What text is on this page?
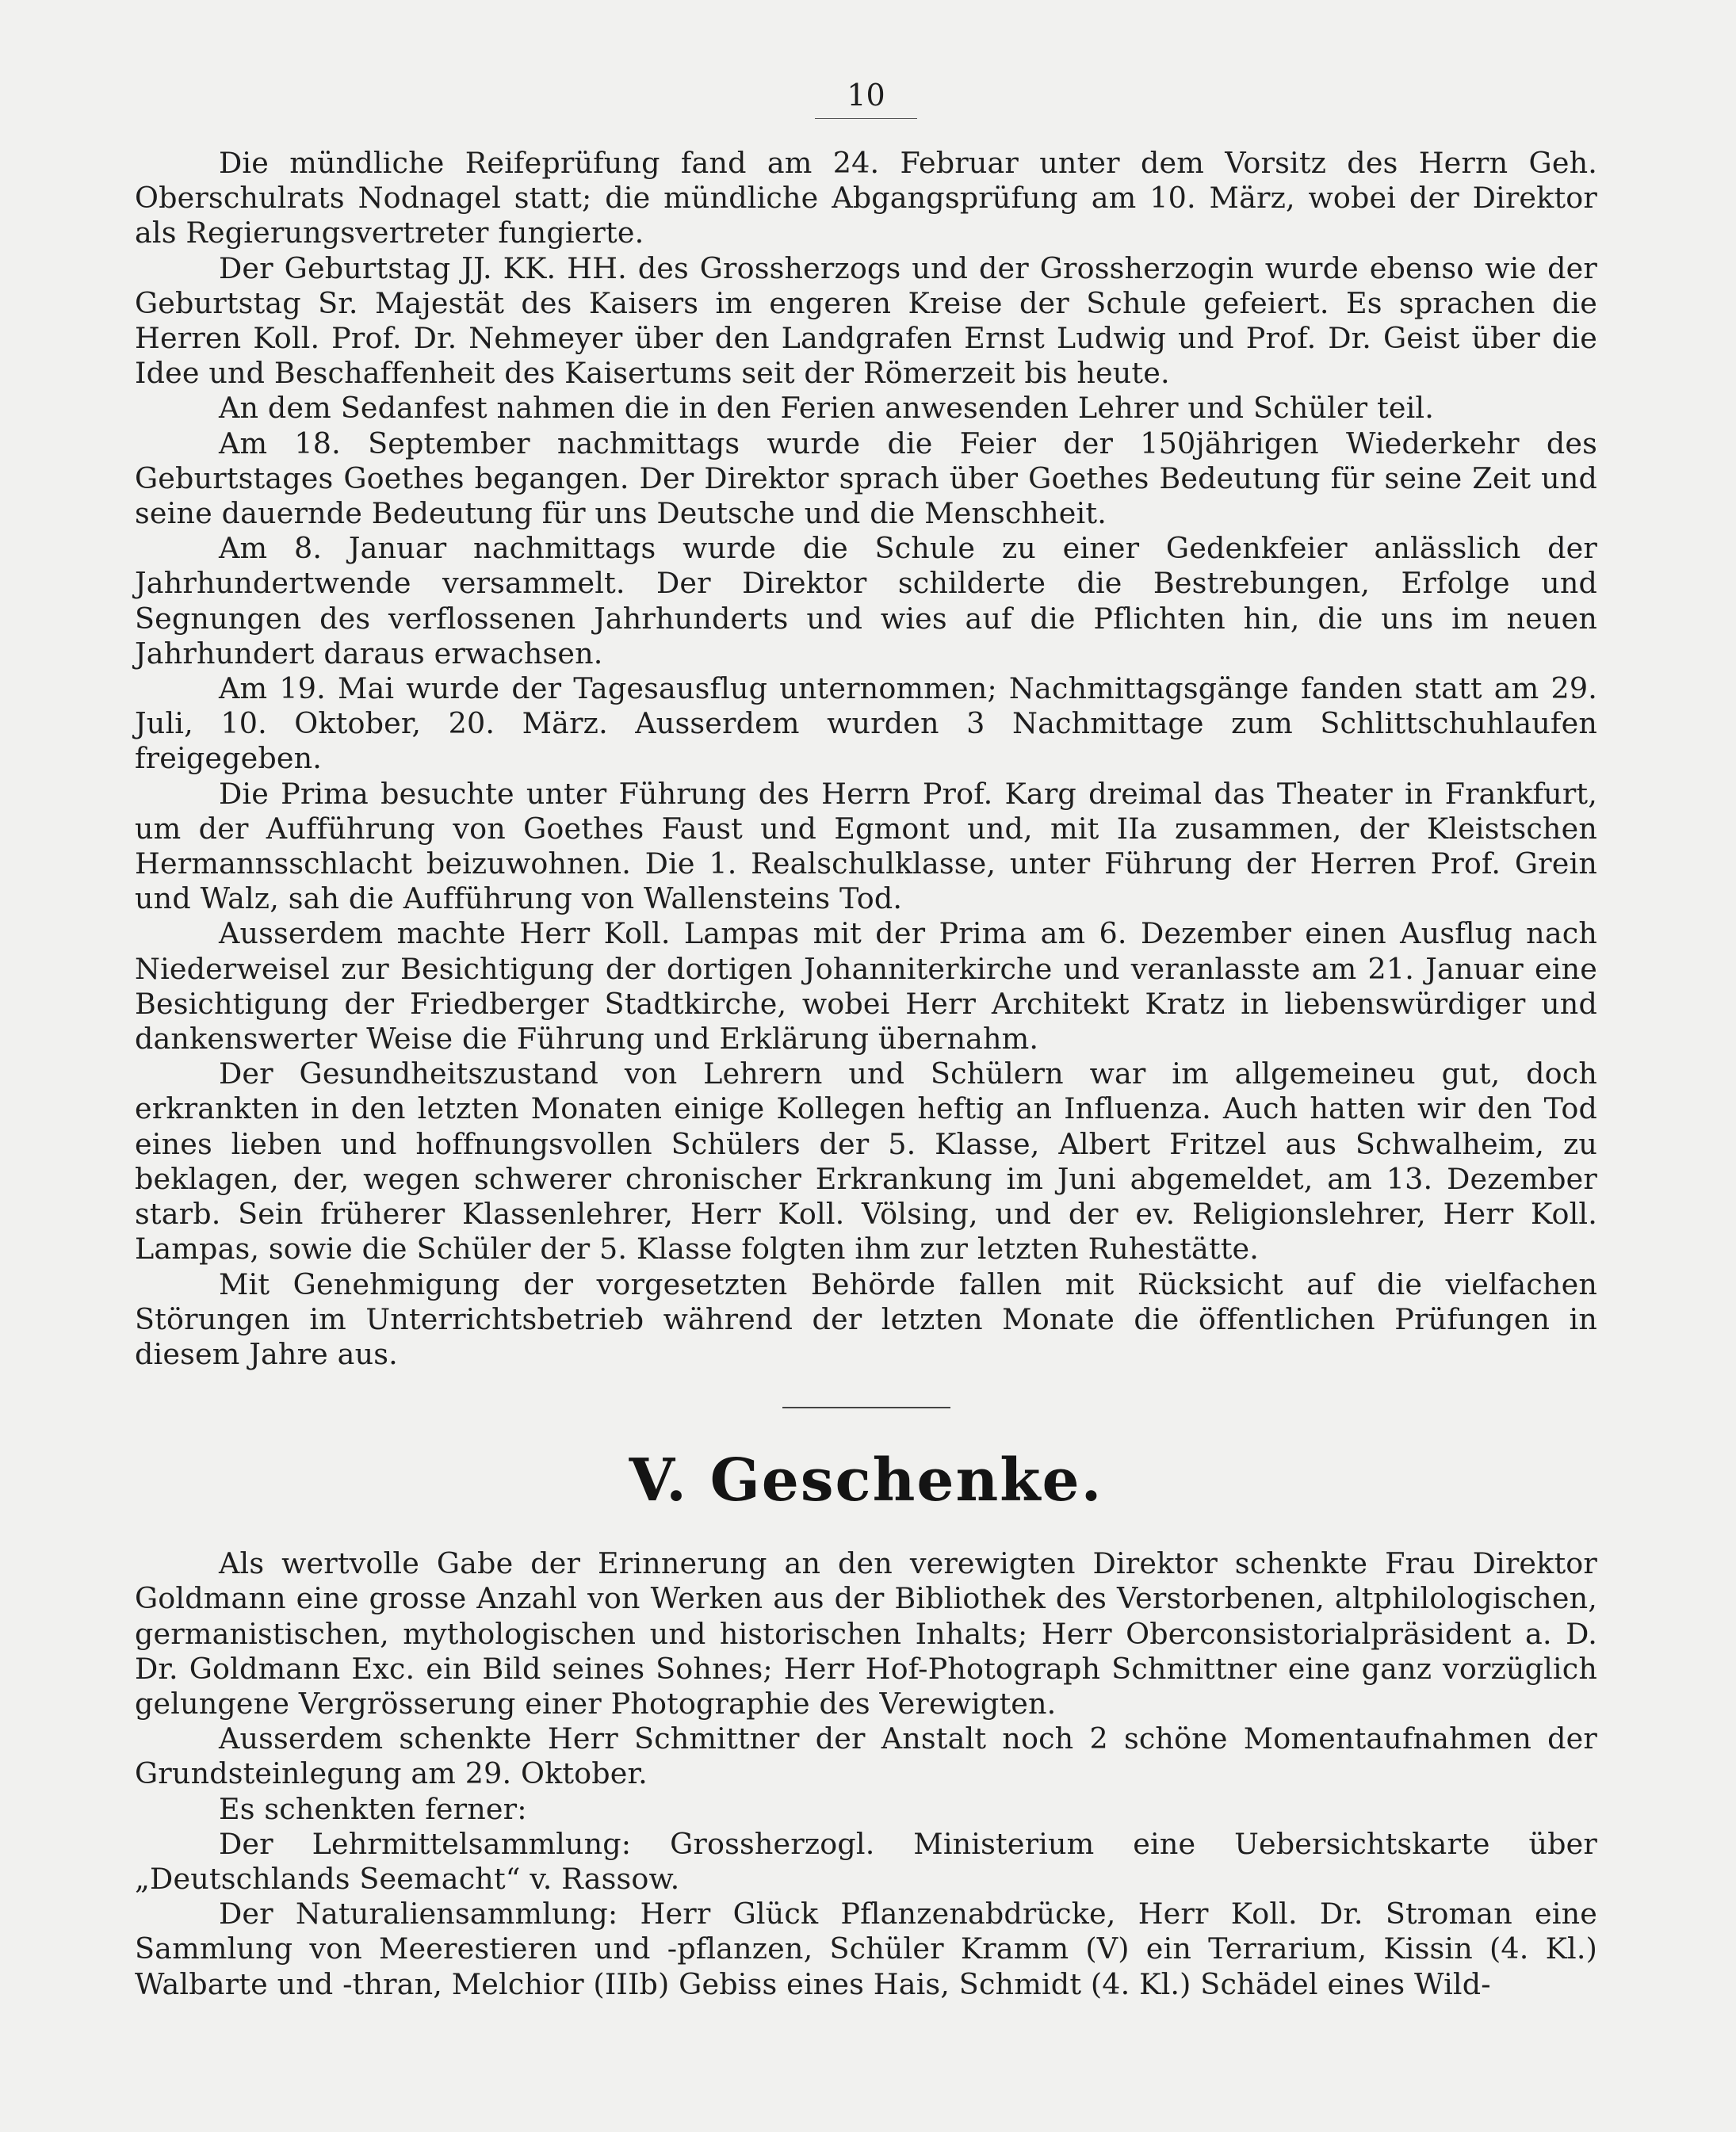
10

Die mündliche Reifeprüfung fand am 24. Februar unter dem Vorsitz des Herrn Geh. Oberschulrats Nodnagel statt; die mündliche Abgangsprüfung am 10. März, wobei der Direktor als Regierungsvertreter fungierte.

Der Geburtstag JJ. KK. HH. des Grossherzogs und der Grossherzogin wurde ebenso wie der Geburtstag Sr. Majestät des Kaisers im engeren Kreise der Schule gefeiert. Es sprachen die Herren Koll. Prof. Dr. Nehmeyer über den Landgrafen Ernst Ludwig und Prof. Dr. Geist über die Idee und Beschaffenheit des Kaisertums seit der Römerzeit bis heute.

An dem Sedanfest nahmen die in den Ferien anwesenden Lehrer und Schüler teil.

Am 18. September nachmittags wurde die Feier der 150jährigen Wiederkehr des Geburtstages Goethes begangen. Der Direktor sprach über Goethes Bedeutung für seine Zeit und seine dauernde Bedeutung für uns Deutsche und die Menschheit.

Am 8. Januar nachmittags wurde die Schule zu einer Gedenkfeier anlässlich der Jahrhundertwende versammelt. Der Direktor schilderte die Bestrebungen, Erfolge und Segnungen des verflossenen Jahrhunderts und wies auf die Pflichten hin, die uns im neuen Jahrhundert daraus erwachsen.

Am 19. Mai wurde der Tagesausflug unternommen; Nachmittagsgänge fanden statt am 29. Juli, 10. Oktober, 20. März. Ausserdem wurden 3 Nachmittage zum Schlittschuhlaufen freigegeben.

Die Prima besuchte unter Führung des Herrn Prof. Karg dreimal das Theater in Frankfurt, um der Aufführung von Goethes Faust und Egmont und, mit IIa zusammen, der Kleistschen Hermannsschlacht beizuwohnen. Die 1. Realschulklasse, unter Führung der Herren Prof. Grein und Walz, sah die Aufführung von Wallensteins Tod.

Ausserdem machte Herr Koll. Lampas mit der Prima am 6. Dezember einen Ausflug nach Niederweisel zur Besichtigung der dortigen Johanniterkirche und veranlasste am 21. Januar eine Besichtigung der Friedberger Stadtkirche, wobei Herr Architekt Kratz in liebenswürdiger und dankenswerter Weise die Führung und Erklärung übernahm.

Der Gesundheitszustand von Lehrern und Schülern war im allgemeineu gut, doch erkrankten in den letzten Monaten einige Kollegen heftig an Influenza. Auch hatten wir den Tod eines lieben und hoffnungsvollen Schülers der 5. Klasse, Albert Fritzel aus Schwalheim, zu beklagen, der, wegen schwerer chronischer Erkrankung im Juni abgemeldet, am 13. Dezember starb. Sein früherer Klassenlehrer, Herr Koll. Völsing, und der ev. Religionslehrer, Herr Koll. Lampas, sowie die Schüler der 5. Klasse folgten ihm zur letzten Ruhestätte.

Mit Genehmigung der vorgesetzten Behörde fallen mit Rücksicht auf die vielfachen Störungen im Unterrichtsbetrieb während der letzten Monate die öffentlichen Prüfungen in diesem Jahre aus.

V. Geschenke.

Als wertvolle Gabe der Erinnerung an den verewigten Direktor schenkte Frau Direktor Goldmann eine grosse Anzahl von Werken aus der Bibliothek des Verstorbenen, altphilologischen, germanistischen, mythologischen und historischen Inhalts; Herr Oberconsistorialpräsident a. D. Dr. Goldmann Exc. ein Bild seines Sohnes; Herr Hof-Photograph Schmittner eine ganz vorzüglich gelungene Vergrösserung einer Photographie des Verewigten.

Ausserdem schenkte Herr Schmittner der Anstalt noch 2 schöne Momentaufnahmen der Grundsteinlegung am 29. Oktober.

Es schenkten ferner:

Der Lehrmittelsammlung: Grossherzogl. Ministerium eine Uebersichtskarte über „Deutschlands Seemacht“ v. Rassow.

Der Naturaliensammlung: Herr Glück Pflanzenabdrücke, Herr Koll. Dr. Stroman eine Sammlung von Meerestieren und -pflanzen, Schüler Kramm (V) ein Terrarium, Kissin (4. Kl.) Walbarte und -thran, Melchior (IIIb) Gebiss eines Hais, Schmidt (4. Kl.) Schädel eines Wild-
